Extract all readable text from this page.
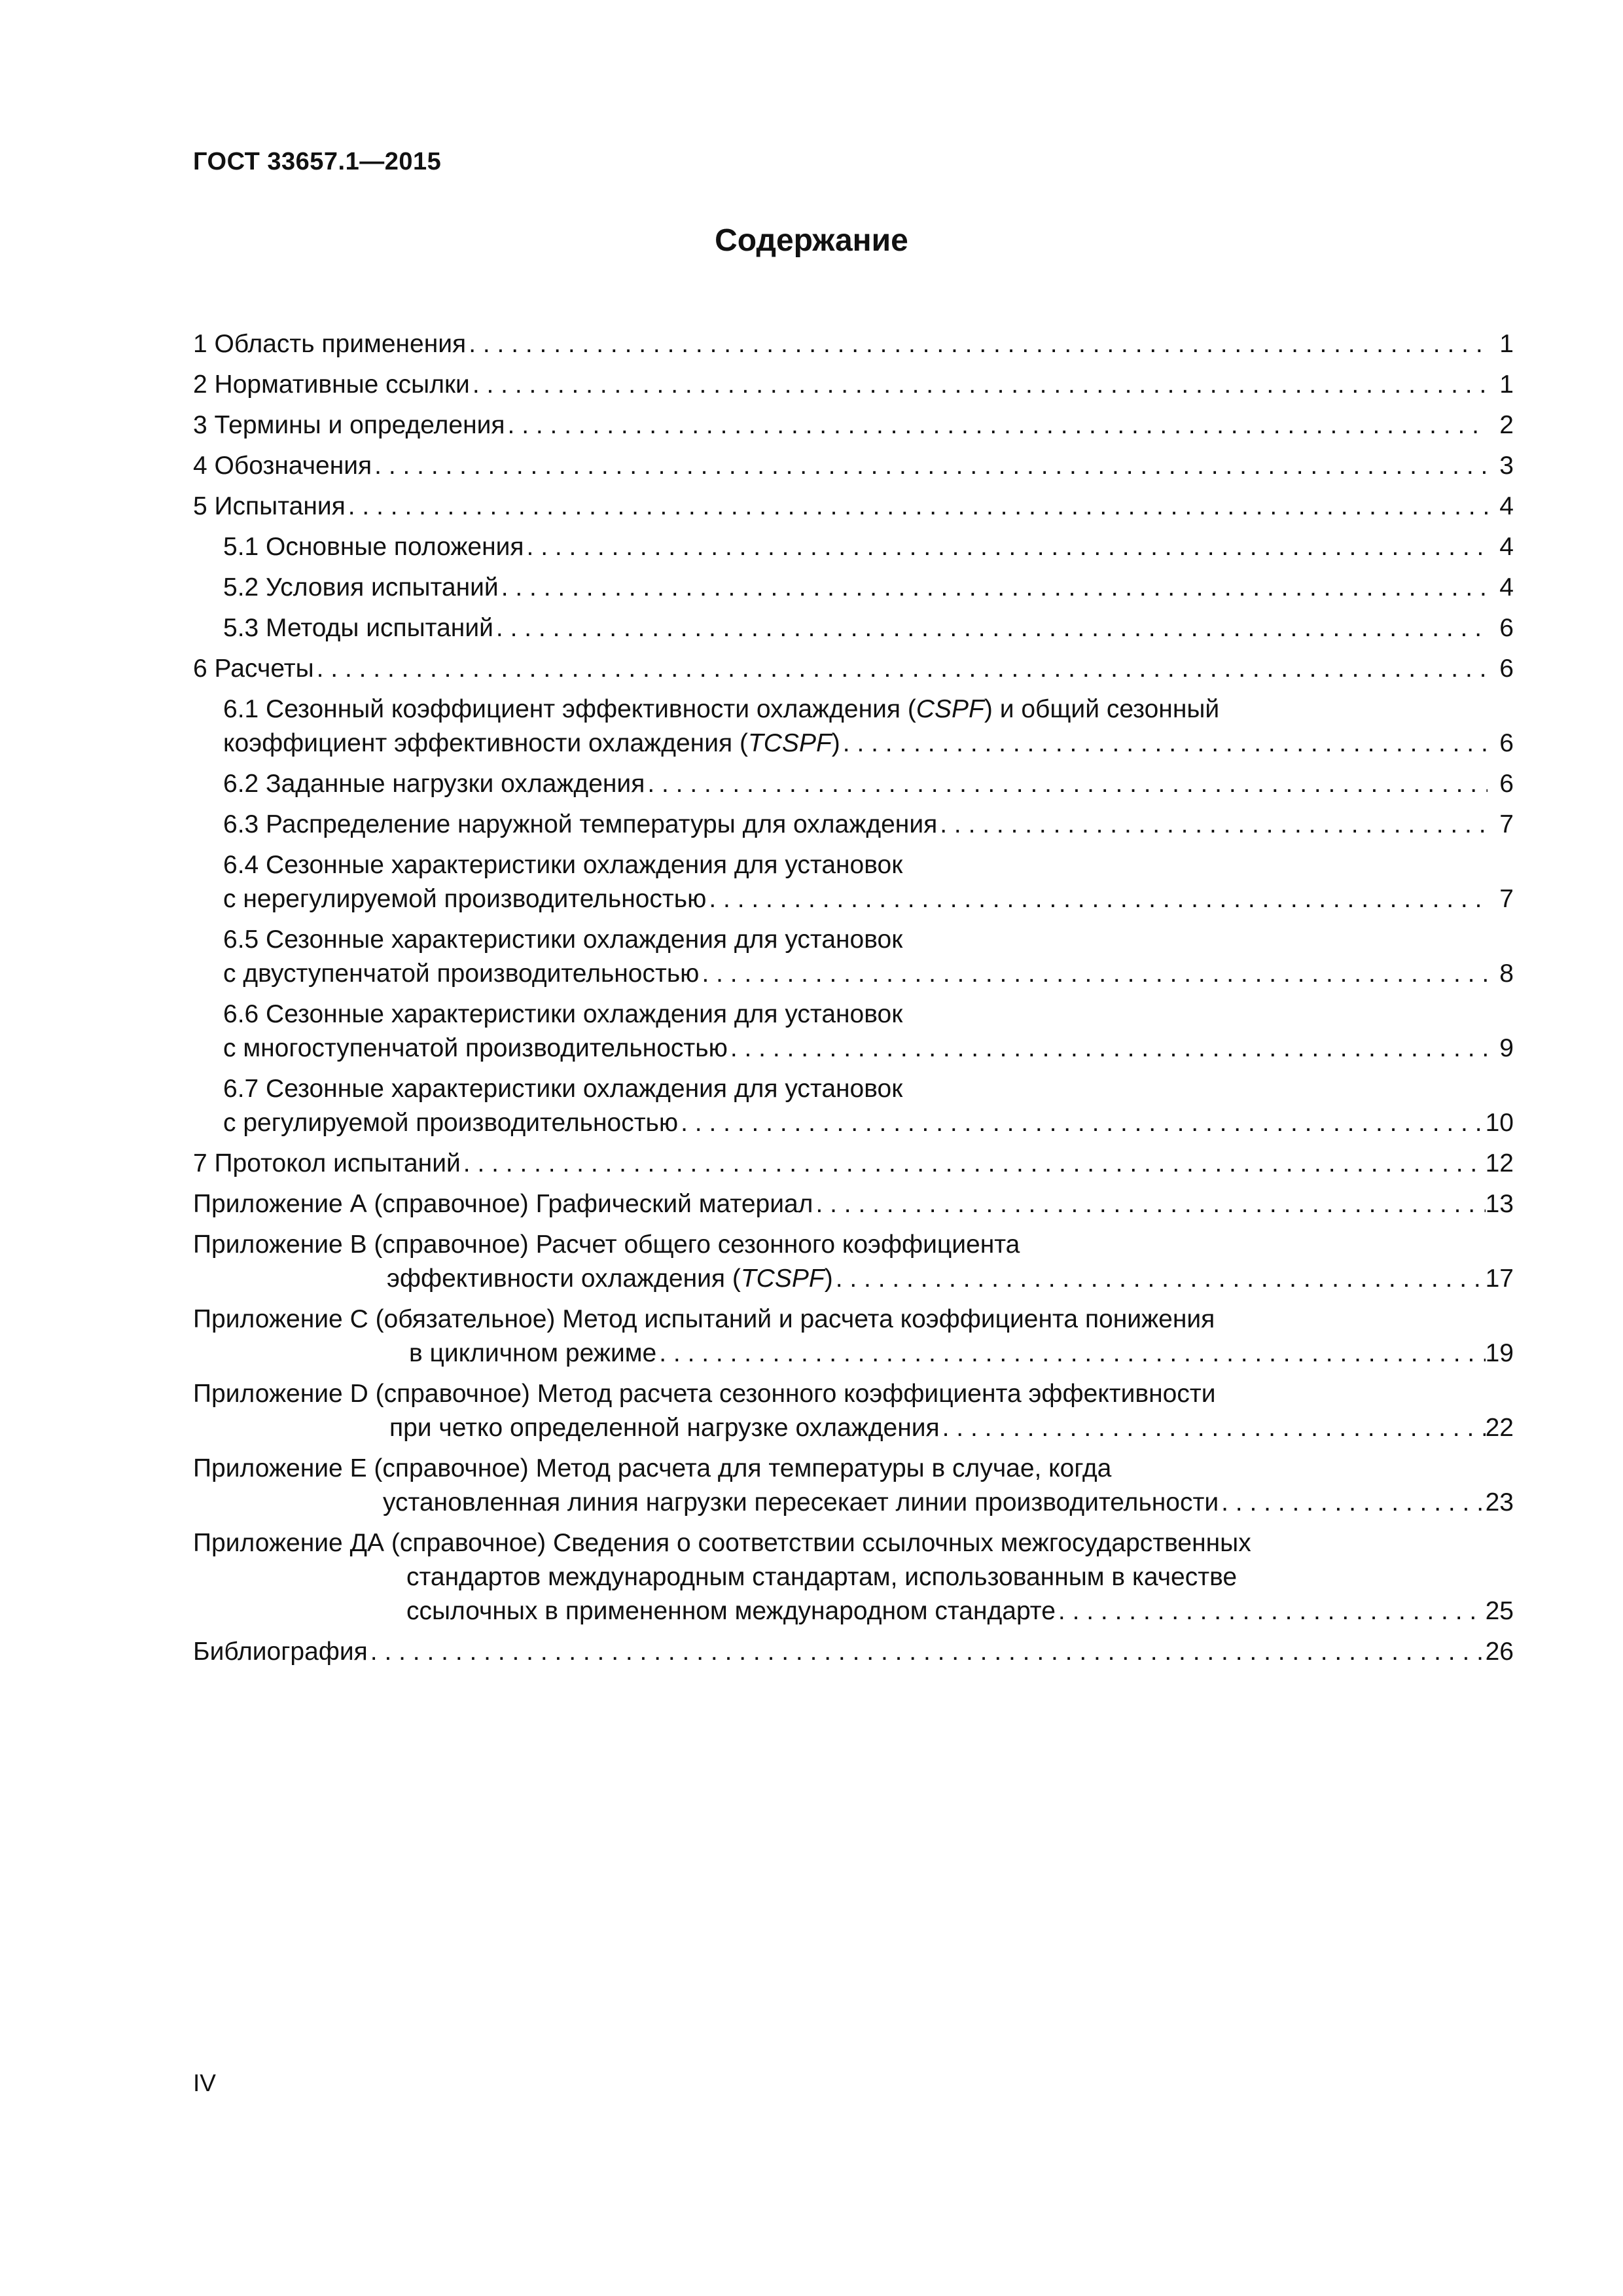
ГОСТ 33657.1—2015
Содержание
1 Область применения . . .	1
2 Нормативные ссылки . . .	1
3 Термины и определения . . .	2
4 Обозначения . . .	3
5 Испытания . . .	4
5.1 Основные положения . . .	4
5.2 Условия испытаний . . .	4
5.3 Методы испытаний . . .	6
6 Расчеты . . .	6
6.1 Сезонный коэффициент эффективности охлаждения (CSPF) и общий сезонный
коэффициент эффективности охлаждения (TCSPF) . . .	6
6.2 Заданные нагрузки охлаждения . . .	6
6.3 Распределение наружной температуры для охлаждения . . .	7
6.4 Сезонные характеристики охлаждения для установок
с нерегулируемой производительностью . . .	7
6.5 Сезонные характеристики охлаждения для установок
с двуступенчатой производительностью . . .	8
6.6 Сезонные характеристики охлаждения для установок
с многоступенчатой производительностью . . .	9
6.7 Сезонные характеристики охлаждения для установок
с регулируемой производительностью . . .	10
7 Протокол испытаний . . .	12
Приложение А (справочное) Графический материал . . .	13
Приложение В (справочное) Расчет общего сезонного коэффициента
эффективности охлаждения (TCSPF) . . .	17
Приложение С (обязательное) Метод испытаний и расчета коэффициента понижения
в цикличном режиме . . .	19
Приложение D (справочное) Метод расчета сезонного коэффициента эффективности
при четко определенной нагрузке охлаждения . . .	22
Приложение Е (справочное) Метод расчета для температуры в случае, когда
установленная линия нагрузки пересекает линии производительности . . .	23
Приложение ДА (справочное) Сведения о соответствии ссылочных межгосударственных
стандартов международным стандартам, использованным в качестве
ссылочных в примененном международном стандарте . . .	25
Библиография . . .	26
IV
